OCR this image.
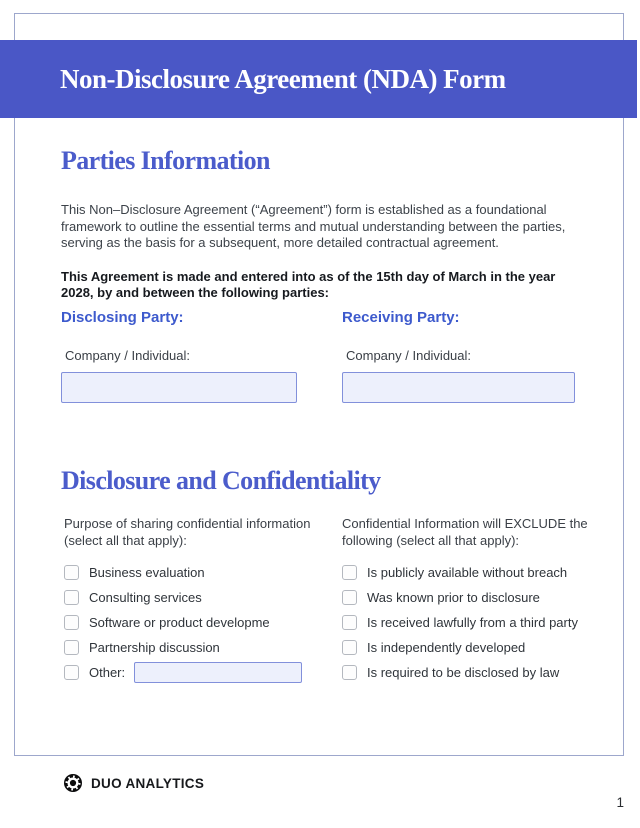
Non-Disclosure Agreement (NDA) Form
Parties Information

This Non–Disclosure Agreement (“Agreement”) form is established as a foundational framework to outline the essential terms and mutual understanding between the parties, serving as the basis for a subsequent, more detailed contractual agreement.

This Agreement is made and entered into as of the 15th day of March in the year 2028, by and between the following parties:

Disclosing Party:
Company / Individual:
Receiving Party:
Company / Individual:
Disclosure and Confidentiality
Purpose of sharing confidential information (select all that apply):
Business evaluation
Consulting services
Software or product developme
Partnership discussion
Other:
Confidential Information will EXCLUDE the following (select all that apply):
Is publicly available without breach
Was known prior to disclosure
Is received lawfully from a third party
Is independently developed
Is required to be disclosed by law
DUO ANALYTICS
1
